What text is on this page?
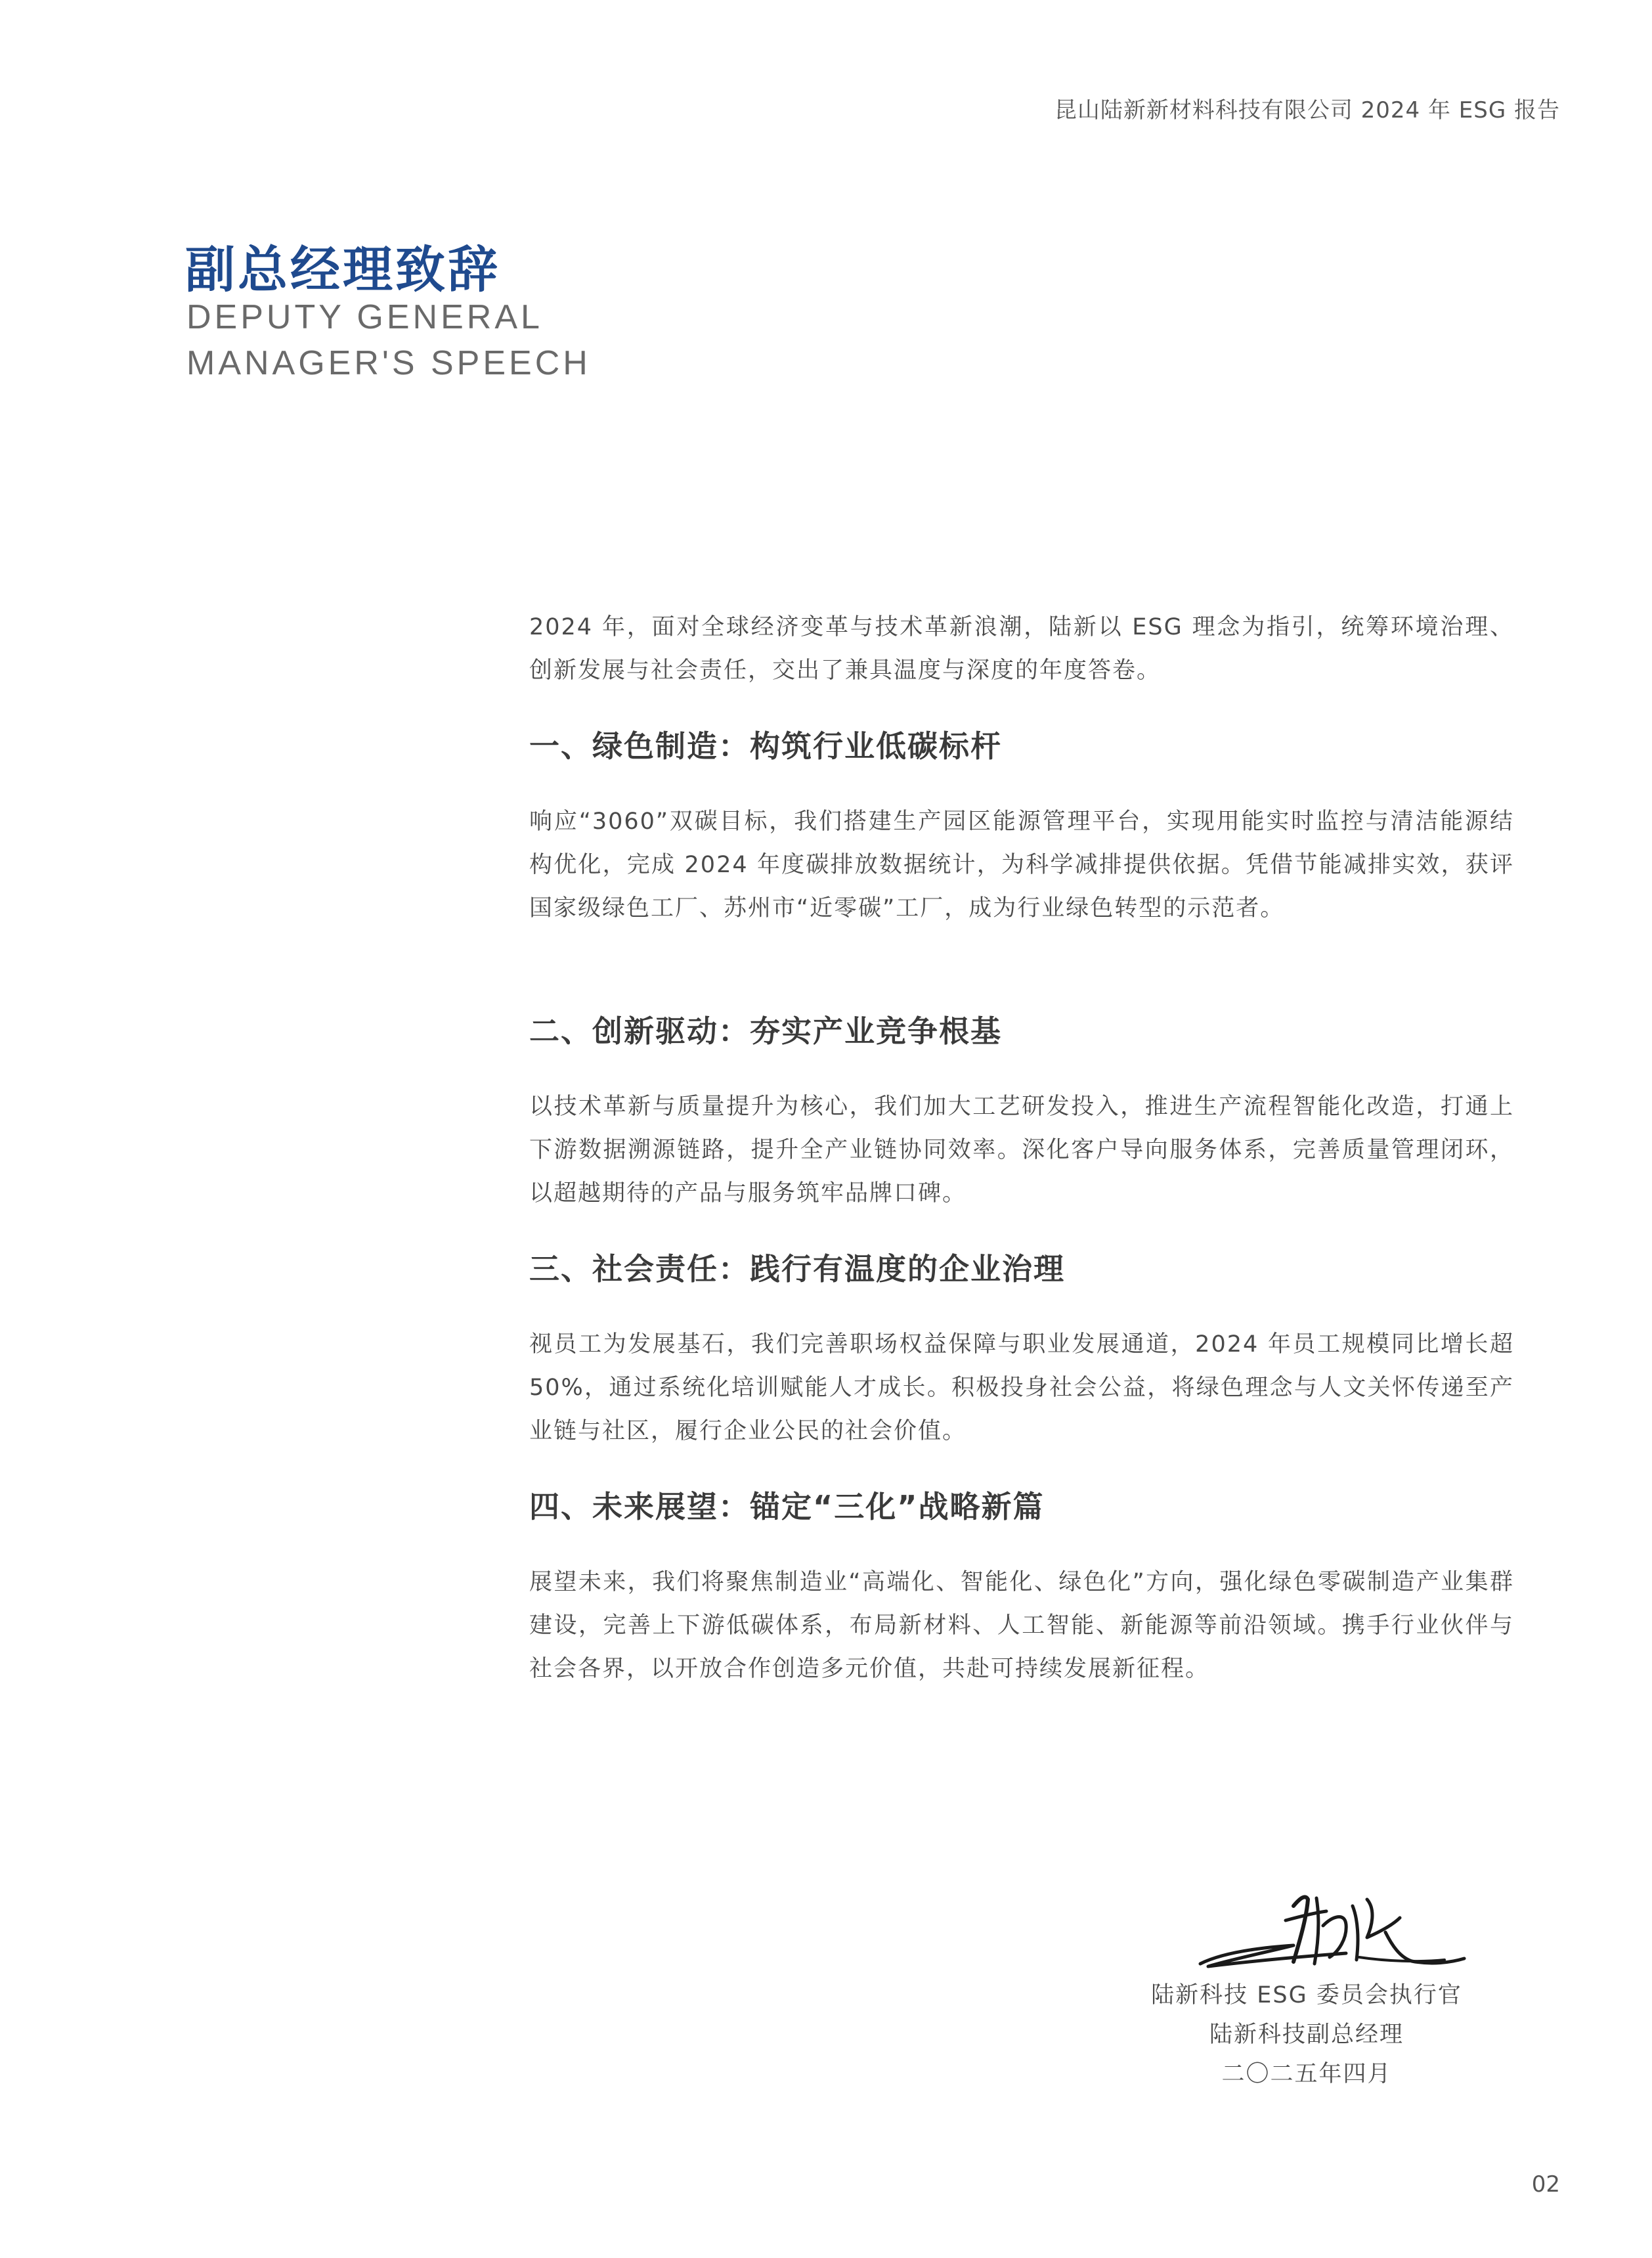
昆山陆新新材料科技有限公司 2024 年 ESG 报告
副总经理致辞
DEPUTY GENERAL
MANAGER'S SPEECH

2024 年，面对全球经济变革与技术革新浪潮，陆新以 ESG 理念为指引，统筹环境治理、创新发展与社会责任，交出了兼具温度与深度的年度答卷。

一、绿色制造：构筑行业低碳标杆

响应“3060”双碳目标，我们搭建生产园区能源管理平台，实现用能实时监控与清洁能源结构优化，完成 2024 年度碳排放数据统计，为科学减排提供依据。凭借节能减排实效，获评国家级绿色工厂、苏州市“近零碳”工厂，成为行业绿色转型的示范者。

二、创新驱动：夯实产业竞争根基

以技术革新与质量提升为核心，我们加大工艺研发投入，推进生产流程智能化改造，打通上下游数据溯源链路，提升全产业链协同效率。深化客户导向服务体系，完善质量管理闭环，以超越期待的产品与服务筑牢品牌口碑。

三、社会责任：践行有温度的企业治理

视员工为发展基石，我们完善职场权益保障与职业发展通道，2024 年员工规模同比增长超 50%，通过系统化培训赋能人才成长。积极投身社会公益，将绿色理念与人文关怀传递至产业链与社区，履行企业公民的社会价值。

四、未来展望：锚定“三化”战略新篇

展望未来，我们将聚焦制造业“高端化、智能化、绿色化”方向，强化绿色零碳制造产业集群建设，完善上下游低碳体系，布局新材料、人工智能、新能源等前沿领域。携手行业伙伴与社会各界，以开放合作创造多元价值，共赴可持续发展新征程。

陆新科技 ESG 委员会执行官
陆新科技副总经理
二〇二五年四月
02
